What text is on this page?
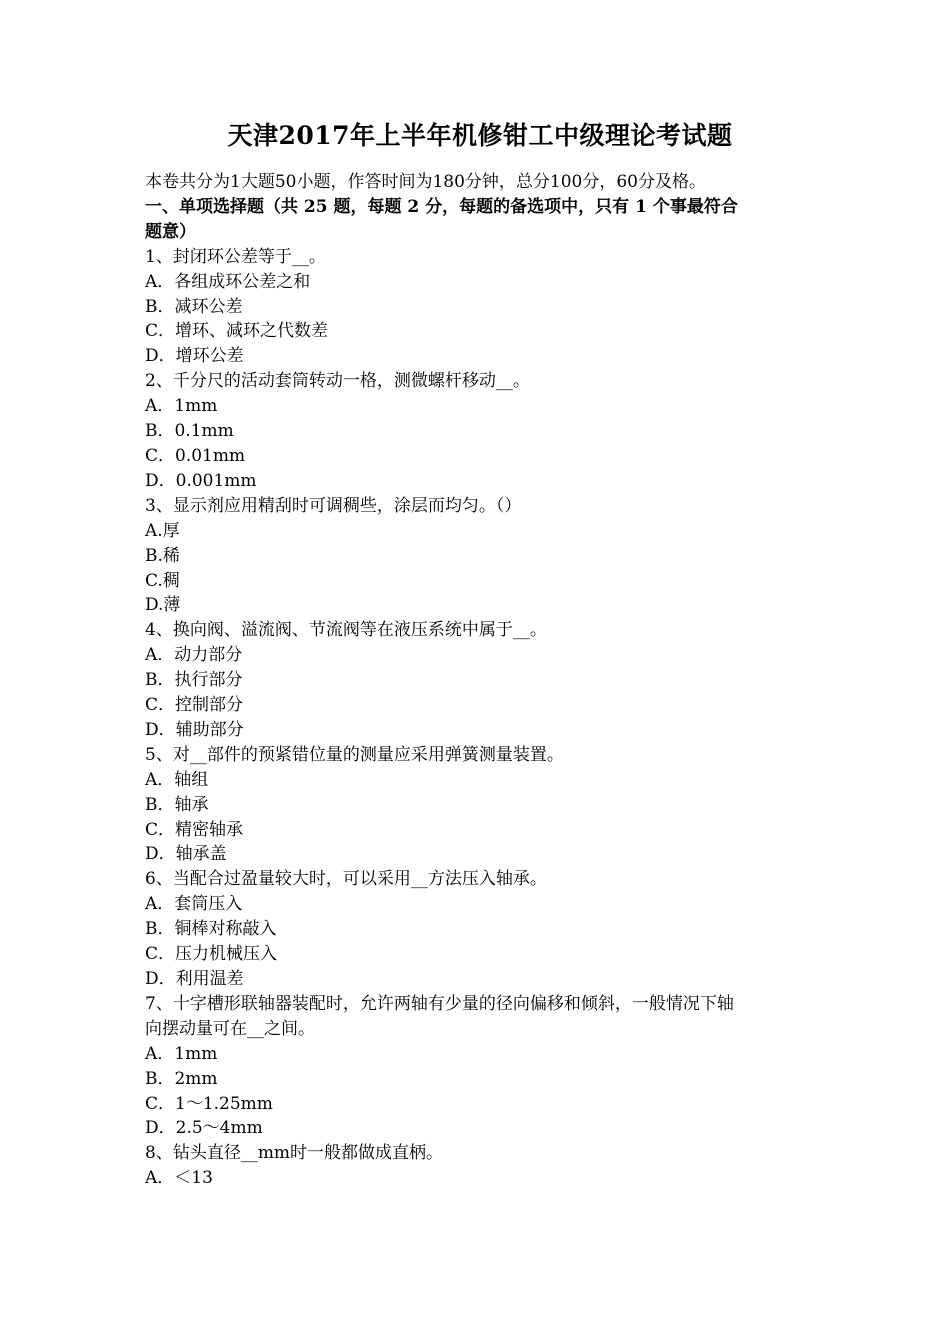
天津2017年上半年机修钳工中级理论考试题
本卷共分为1大题50小题，作答时间为180分钟，总分100分，60分及格。
一、单项选择题（共 25 题，每题 2 分，每题的备选项中，只有 1 个事最符合
题意）
1、封闭环公差等于__。
A．各组成环公差之和
B．减环公差
C．增环、减环之代数差
D．增环公差
2、千分尺的活动套筒转动一格，测微螺杆移动__。
A．1mm
B．0.1mm
C．0.01mm
D．0.001mm
3、显示剂应用精刮时可调稠些，涂层而均匀。（）
A.厚
B.稀
C.稠
D.薄
4、换向阀、溢流阀、节流阀等在液压系统中属于__。
A．动力部分
B．执行部分
C．控制部分
D．辅助部分
5、对__部件的预紧错位量的测量应采用弹簧测量装置。
A．轴组
B．轴承
C．精密轴承
D．轴承盖
6、当配合过盈量较大时，可以采用__方法压入轴承。
A．套筒压入
B．铜棒对称敲入
C．压力机械压入
D．利用温差
7、十字槽形联轴器装配时，允许两轴有少量的径向偏移和倾斜，一般情况下轴
向摆动量可在__之间。
A．1mm
B．2mm
C．1～1.25mm
D．2.5～4mm
8、钻头直径__mm时一般都做成直柄。
A．＜13
